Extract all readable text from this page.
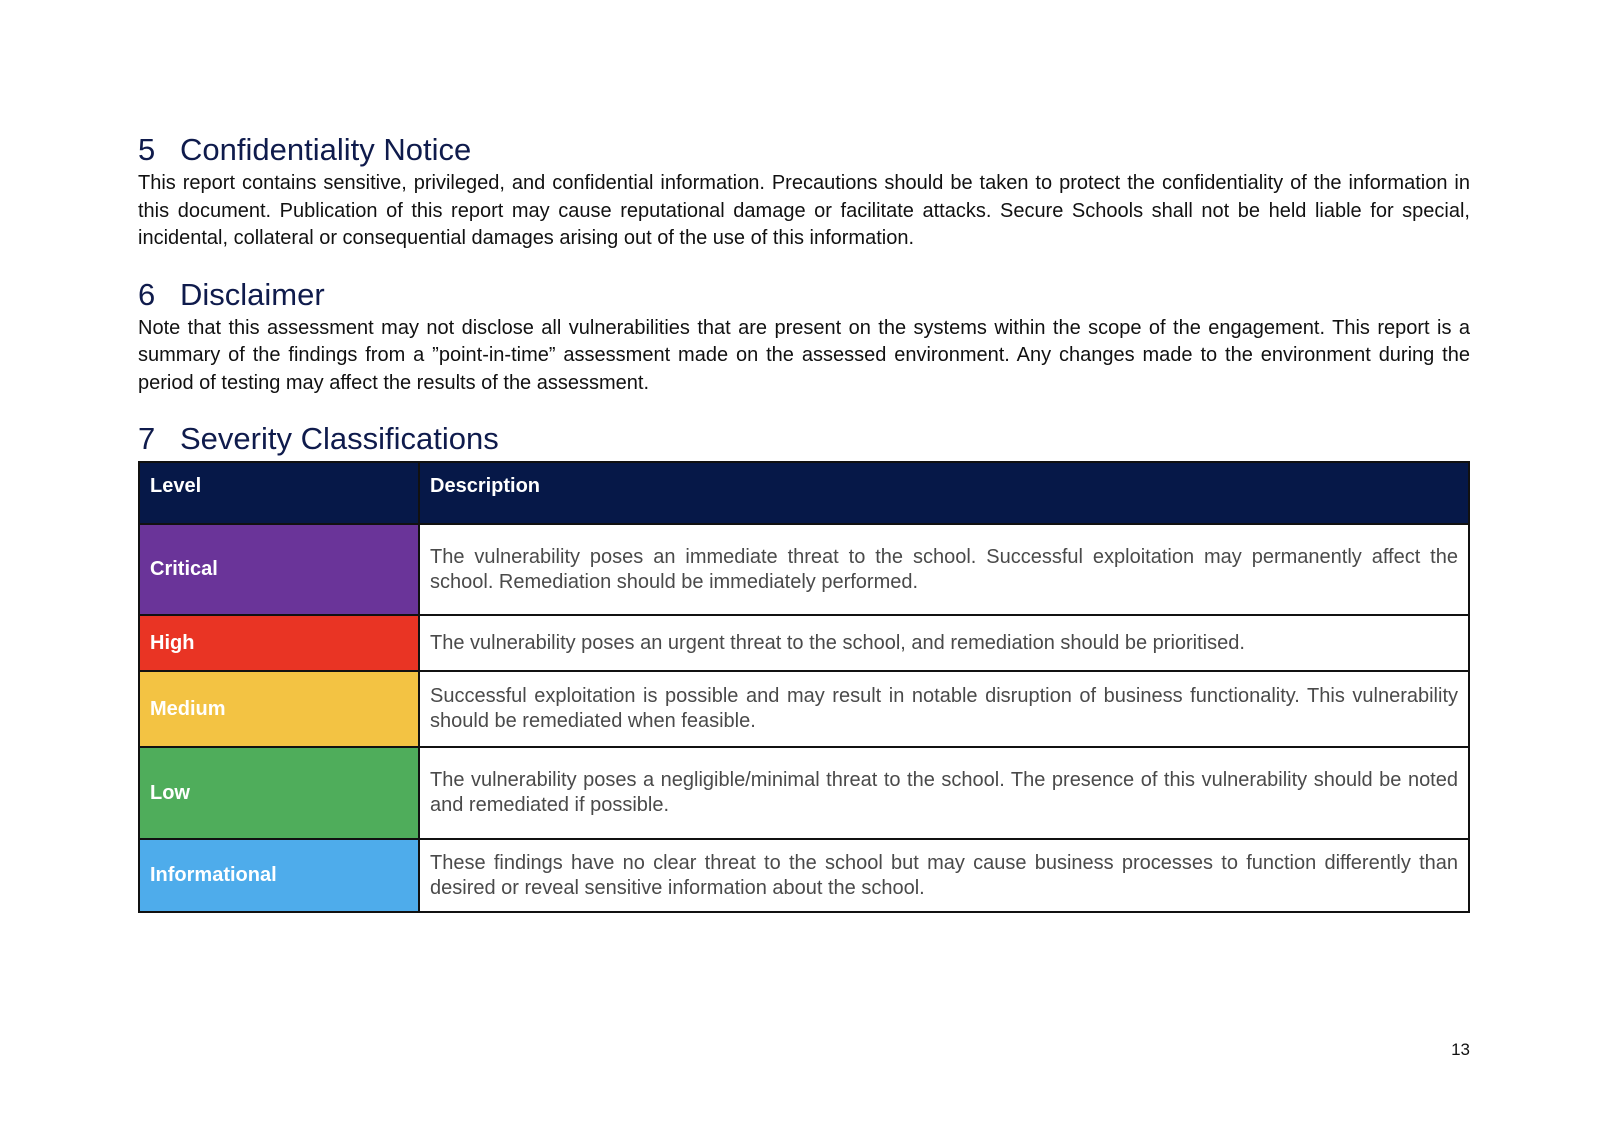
5 Confidentiality Notice

This report contains sensitive, privileged, and confidential information. Precautions should be taken to protect the confidentiality of the information in this document. Publication of this report may cause reputational damage or facilitate attacks. Secure Schools shall not be held liable for special, incidental, collateral or consequential damages arising out of the use of this information.

6 Disclaimer

Note that this assessment may not disclose all vulnerabilities that are present on the systems within the scope of the engagement. This report is a summary of the findings from a ”point-in-time” assessment made on the assessed environment. Any changes made to the environment during the period of testing may affect the results of the assessment.

7 Severity Classifications
Level	Description
Critical	The vulnerability poses an immediate threat to the school. Successful exploitation may permanently affect the school. Remediation should be immediately performed.
High	The vulnerability poses an urgent threat to the school, and remediation should be prioritised.
Medium	Successful exploitation is possible and may result in notable disruption of business functionality. This vulnerability should be remediated when feasible.
Low	The vulnerability poses a negligible/minimal threat to the school. The presence of this vulnerability should be noted and remediated if possible.
Informational	These findings have no clear threat to the school but may cause business processes to function differently than desired or reveal sensitive information about the school.
13
